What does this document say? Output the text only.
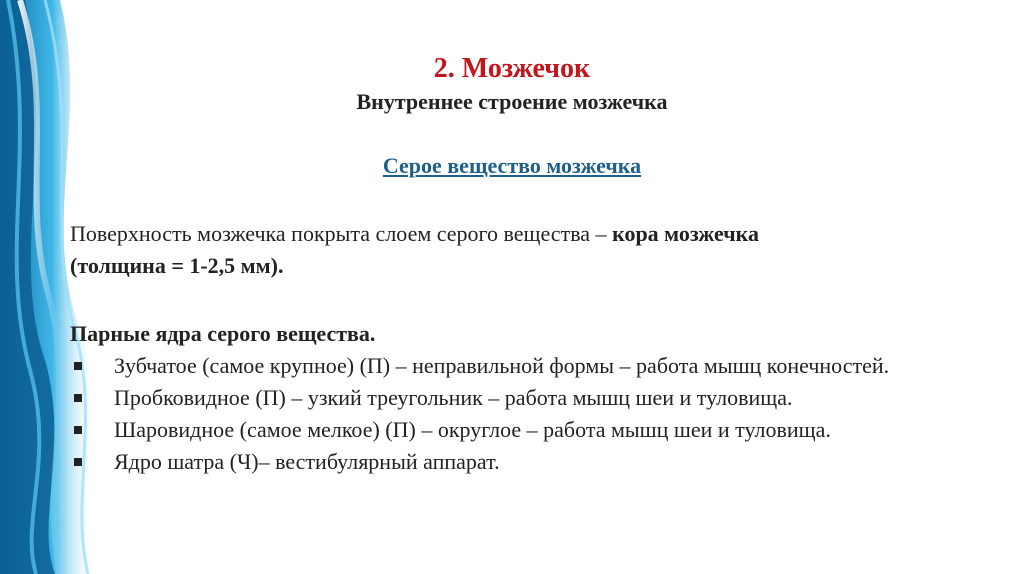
2. Мозжечок
Внутреннее строение мозжечка
Серое вещество мозжечка
Поверхность мозжечка покрыта слоем серого вещества – кора мозжечка
(толщина = 1-2,5 мм).
Парные ядра серого вещества.
Зубчатое (самое крупное) (П) – неправильной формы – работа мышц конечностей.
Пробковидное (П) – узкий треугольник – работа мышц шеи и туловища.
Шаровидное (самое мелкое) (П) – округлое – работа мышц шеи и туловища.
Ядро шатра (Ч)– вестибулярный аппарат.
